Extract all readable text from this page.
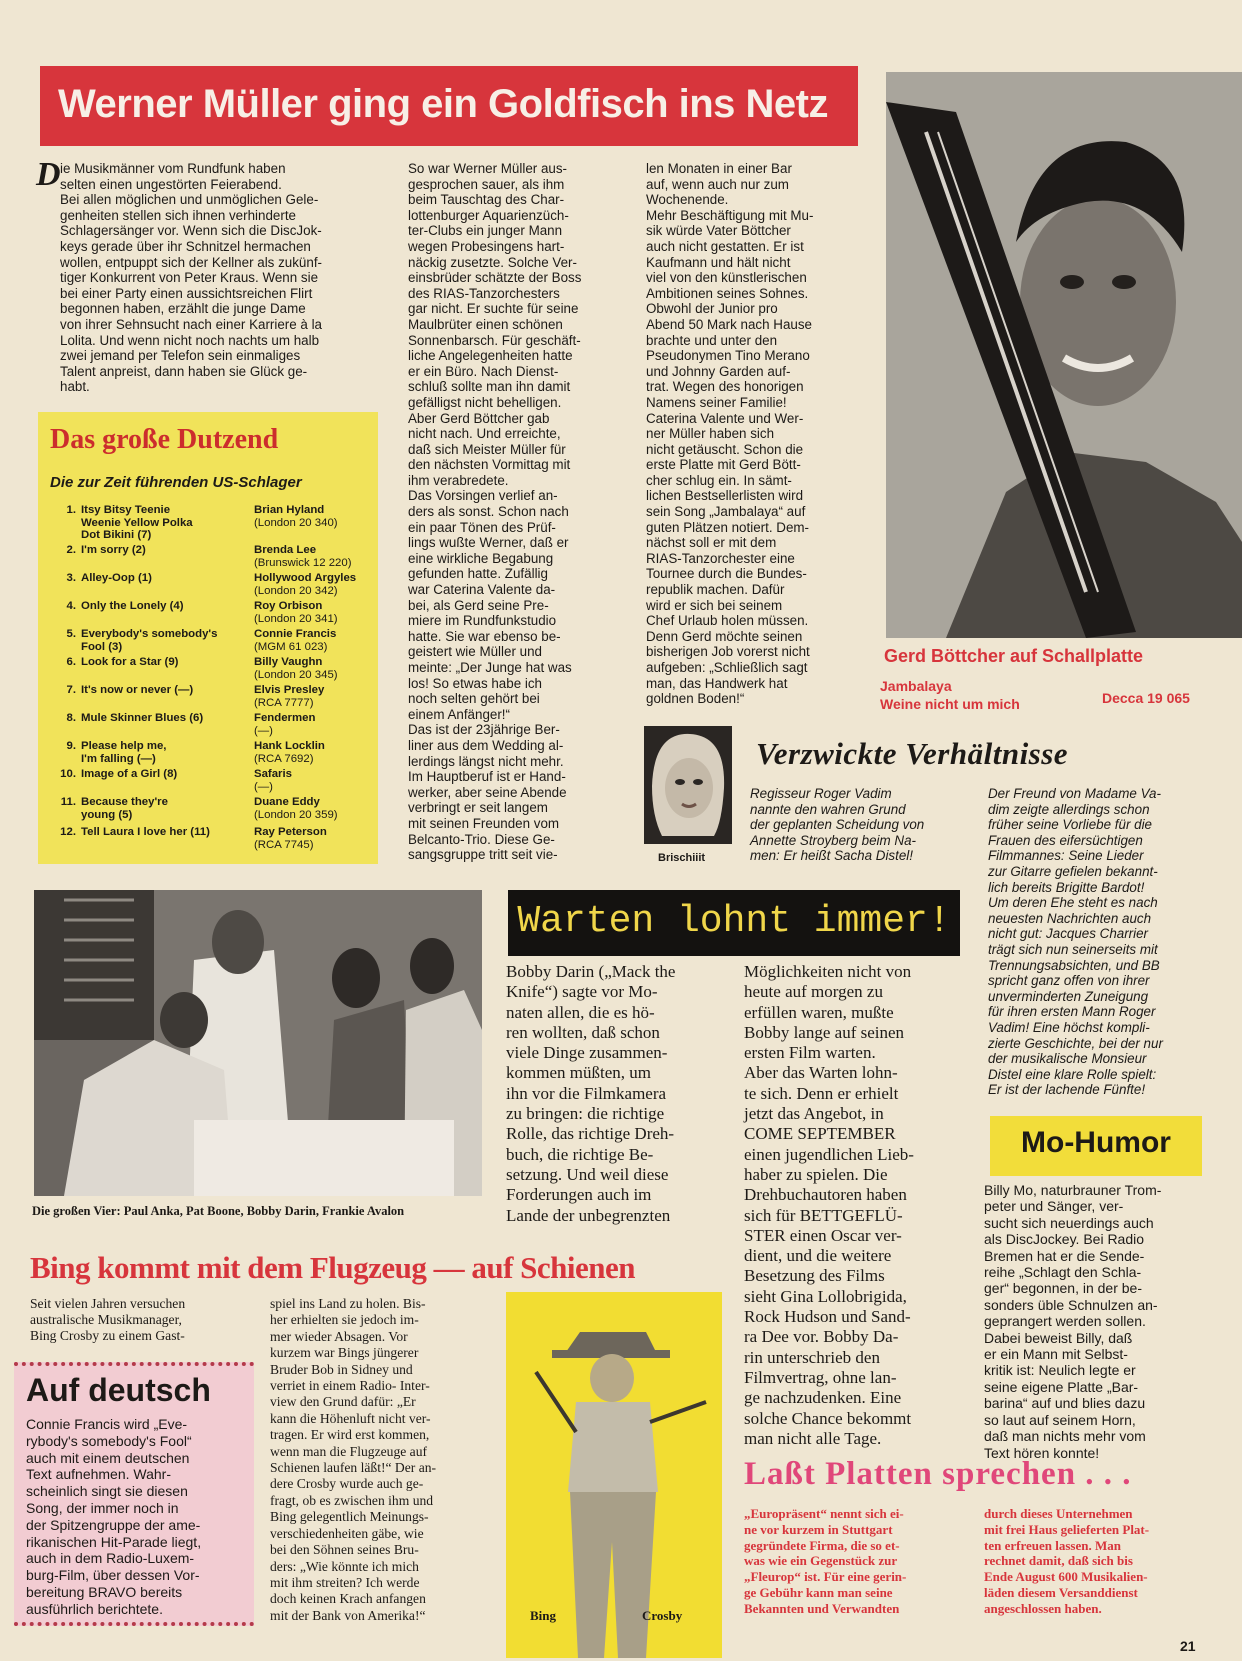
Werner Müller ging ein Goldfisch ins Netz
D ie Musikmänner vom Rundfunk haben
selten einen ungestörten Feierabend.
Bei allen möglichen und unmöglichen Gele-
genheiten stellen sich ihnen verhinderte
Schlagersänger vor. Wenn sich die DiscJok-
keys gerade über ihr Schnitzel hermachen
wollen, entpuppt sich der Kellner als zukünf-
tiger Konkurrent von Peter Kraus. Wenn sie
bei einer Party einen aussichtsreichen Flirt
begonnen haben, erzählt die junge Dame
von ihrer Sehnsucht nach einer Karriere à la
Lolita. Und wenn nicht noch nachts um halb
zwei jemand per Telefon sein einmaliges
Talent anpreist, dann haben sie Glück ge-
habt.
So war Werner Müller aus-
gesprochen sauer, als ihm
beim Tauschtag des Char-
lottenburger Aquarienzüch-
ter-Clubs ein junger Mann
wegen Probesingens hart-
näckig zusetzte. Solche Ver-
einsbrüder schätzte der Boss
des RIAS-Tanzorchesters
gar nicht. Er suchte für seine
Maulbrüter einen schönen
Sonnenbarsch. Für geschäft-
liche Angelegenheiten hatte
er ein Büro. Nach Dienst-
schluß sollte man ihn damit
gefälligst nicht behelligen.
Aber Gerd Böttcher gab
nicht nach. Und erreichte,
daß sich Meister Müller für
den nächsten Vormittag mit
ihm verabredete.
Das Vorsingen verlief an-
ders als sonst. Schon nach
ein paar Tönen des Prüf-
lings wußte Werner, daß er
eine wirkliche Begabung
gefunden hatte. Zufällig
war Caterina Valente da-
bei, als Gerd seine Pre-
miere im Rundfunkstudio
hatte. Sie war ebenso be-
geistert wie Müller und
meinte: „Der Junge hat was
los! So etwas habe ich
noch selten gehört bei
einem Anfänger!“
Das ist der 23jährige Ber-
liner aus dem Wedding al-
lerdings längst nicht mehr.
Im Hauptberuf ist er Hand-
werker, aber seine Abende
verbringt er seit langem
mit seinen Freunden vom
Belcanto-Trio. Diese Ge-
sangsgruppe tritt seit vie-
len Monaten in einer Bar
auf, wenn auch nur zum
Wochenende.
Mehr Beschäftigung mit Mu-
sik würde Vater Böttcher
auch nicht gestatten. Er ist
Kaufmann und hält nicht
viel von den künstlerischen
Ambitionen seines Sohnes.
Obwohl der Junior pro
Abend 50 Mark nach Hause
brachte und unter den
Pseudonymen Tino Merano
und Johnny Garden auf-
trat. Wegen des honorigen
Namens seiner Familie!
Caterina Valente und Wer-
ner Müller haben sich
nicht getäuscht. Schon die
erste Platte mit Gerd Bött-
cher schlug ein. In sämt-
lichen Bestsellerlisten wird
sein Song „Jambalaya“ auf
guten Plätzen notiert. Dem-
nächst soll er mit dem
RIAS-Tanzorchester eine
Tournee durch die Bundes-
republik machen. Dafür
wird er sich bei seinem
Chef Urlaub holen müssen.
Denn Gerd möchte seinen
bisherigen Job vorerst nicht
aufgeben: „Schließlich sagt
man, das Handwerk hat
goldnen Boden!“
Gerd Böttcher auf Schallplatte
Jambalaya
Weine nicht um mich	Decca 19 065
Das große Dutzend
Die zur Zeit führenden US-Schlager
1. Itsy Bitsy Teenie
Weenie Yellow Polka
Dot Bikini (7)
Brian Hyland
(London 20 340)
2. I'm sorry (2)	Brenda Lee
(Brunswick 12 220)
3. Alley-Oop (1)	Hollywood Argyles
(London 20 342)
4. Only the Lonely (4)	Roy Orbison
(London 20 341)
5. Everybody's somebody's
Fool (3)
Connie Francis
(MGM 61 023)
6. Look for a Star (9)	Billy Vaughn
(London 20 345)
7. It's now or never (—)	Elvis Presley
(RCA 7777)
8. Mule Skinner Blues (6)	Fendermen
(—)
9. Please help me,
I'm falling (—)
Hank Locklin
(RCA 7692)
10. Image of a Girl (8)	Safaris
(—)
11. Because they're
young (5)
Duane Eddy
(London 20 359)
12. Tell Laura I love her (11)	Ray Peterson
(RCA 7745)
Brischiiit
Verzwickte Verhältnisse
Regisseur Roger Vadim
nannte den wahren Grund
der geplanten Scheidung von
Annette Stroyberg beim Na-
men: Er heißt Sacha Distel!
Der Freund von Madame Va-
dim zeigte allerdings schon
früher seine Vorliebe für die
Frauen des eifersüchtigen
Filmmannes: Seine Lieder
zur Gitarre gefielen bekannt-
lich bereits Brigitte Bardot!
Um deren Ehe steht es nach
neuesten Nachrichten auch
nicht gut: Jacques Charrier
trägt sich nun seinerseits mit
Trennungsabsichten, und BB
spricht ganz offen von ihrer
unverminderten Zuneigung
für ihren ersten Mann Roger
Vadim! Eine höchst kompli-
zierte Geschichte, bei der nur
der musikalische Monsieur
Distel eine klare Rolle spielt:
Er ist der lachende Fünfte!
Die großen Vier: Paul Anka, Pat Boone, Bobby Darin, Frankie Avalon
Warten lohnt immer!
Bobby Darin („Mack the
Knife“) sagte vor Mo-
naten allen, die es hö-
ren wollten, daß schon
viele Dinge zusammen-
kommen müßten, um
ihn vor die Filmkamera
zu bringen: die richtige
Rolle, das richtige Dreh-
buch, die richtige Be-
setzung. Und weil diese
Forderungen auch im
Lande der unbegrenzten
Möglichkeiten nicht von
heute auf morgen zu
erfüllen waren, mußte
Bobby lange auf seinen
ersten Film warten.
Aber das Warten lohn-
te sich. Denn er erhielt
jetzt das Angebot, in
COME SEPTEMBER
einen jugendlichen Lieb-
haber zu spielen. Die
Drehbuchautoren haben
sich für BETTGEFLÜ-
STER einen Oscar ver-
dient, und die weitere
Besetzung des Films
sieht Gina Lollobrigida,
Rock Hudson und Sand-
ra Dee vor. Bobby Da-
rin unterschrieb den
Filmvertrag, ohne lan-
ge nachzudenken. Eine
solche Chance bekommt
man nicht alle Tage.
Mo-Humor
Billy Mo, naturbrauner Trom-
peter und Sänger, ver-
sucht sich neuerdings auch
als DiscJockey. Bei Radio
Bremen hat er die Sende-
reihe „Schlagt den Schla-
ger“ begonnen, in der be-
sonders üble Schnulzen an-
geprangert werden sollen.
Dabei beweist Billy, daß
er ein Mann mit Selbst-
kritik ist: Neulich legte er
seine eigene Platte „Bar-
barina“ auf und blies dazu
so laut auf seinem Horn,
daß man nichts mehr vom
Text hören konnte!
Bing kommt mit dem Flugzeug — auf Schienen
Seit vielen Jahren versuchen
australische Musikmanager,
Bing Crosby zu einem Gast-
spiel ins Land zu holen. Bis-
her erhielten sie jedoch im-
mer wieder Absagen. Vor
kurzem war Bings jüngerer
Bruder Bob in Sidney und
verriet in einem Radio- Inter-
view den Grund dafür: „Er
kann die Höhenluft nicht ver-
tragen. Er wird erst kommen,
wenn man die Flugzeuge auf
Schienen laufen läßt!“ Der an-
dere Crosby wurde auch ge-
fragt, ob es zwischen ihm und
Bing gelegentlich Meinungs-
verschiedenheiten gäbe, wie
bei den Söhnen seines Bru-
ders: „Wie könnte ich mich
mit ihm streiten? Ich werde
doch keinen Krach anfangen
mit der Bank von Amerika!“	Bing	Crosby
Auf deutsch
Connie Francis wird „Eve-
rybody's somebody's Fool“
auch mit einem deutschen
Text aufnehmen. Wahr-
scheinlich singt sie diesen
Song, der immer noch in
der Spitzengruppe der ame-
rikanischen Hit-Parade liegt,
auch in dem Radio-Luxem-
burg-Film, über dessen Vor-
bereitung BRAVO bereits
ausführlich berichtete.
Laßt Platten sprechen . . .
„Europräsent“ nennt sich ei-
ne vor kurzem in Stuttgart
gegründete Firma, die so et-
was wie ein Gegenstück zur
„Fleurop“ ist. Für eine gerin-
ge Gebühr kann man seine
Bekannten und Verwandten
durch dieses Unternehmen
mit frei Haus gelieferten Plat-
ten erfreuen lassen. Man
rechnet damit, daß sich bis
Ende August 600 Musikalien-
läden diesem Versanddienst
angeschlossen haben.
21
